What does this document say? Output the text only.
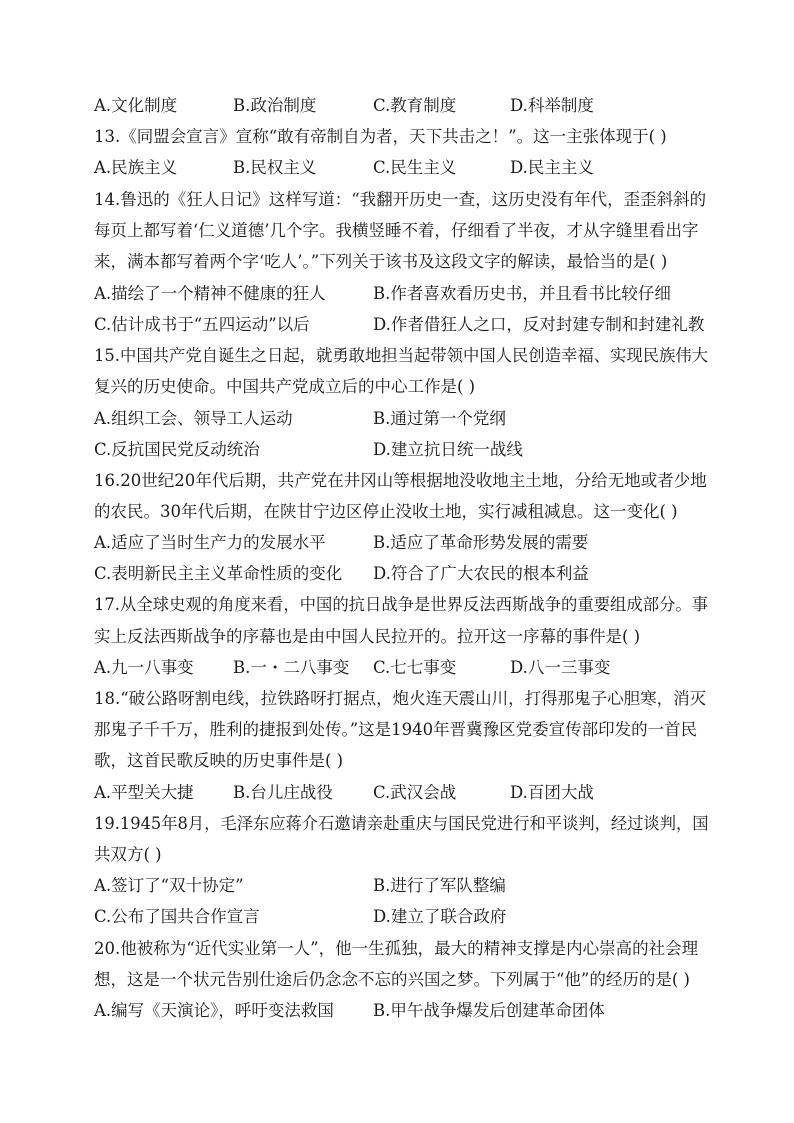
A.文化制度	B.政治制度	C.教育制度	D.科举制度
13.《同盟会宣言》宣称“敢有帝制自为者，天下共击之！”。这一主张体现于( )
A.民族主义	B.民权主义	C.民生主义	D.民主主义
14.鲁迅的《狂人日记》这样写道：“我翻开历史一查，这历史没有年代，歪歪斜斜的
每页上都写着‘仁义道德’几个字。我横竖睡不着，仔细看了半夜，才从字缝里看出字
来，满本都写着两个字‘吃人’。”下列关于该书及这段文字的解读，最恰当的是( )
A.描绘了一个精神不健康的狂人	B.作者喜欢看历史书，并且看书比较仔细
C.估计成书于“五四运动”以后	D.作者借狂人之口，反对封建专制和封建礼教
15.中国共产党自诞生之日起，就勇敢地担当起带领中国人民创造幸福、实现民族伟大
复兴的历史使命。中国共产党成立后的中心工作是( )
A.组织工会、领导工人运动	B.通过第一个党纲
C.反抗国民党反动统治	D.建立抗日统一战线
16.20世纪20年代后期，共产党在井冈山等根据地没收地主土地，分给无地或者少地
的农民。30年代后期，在陕甘宁边区停止没收土地，实行减租减息。这一变化( )
A.适应了当时生产力的发展水平	B.适应了革命形势发展的需要
C.表明新民主主义革命性质的变化 D.符合了广大农民的根本利益
17.从全球史观的角度来看，中国的抗日战争是世界反法西斯战争的重要组成部分。事
实上反法西斯战争的序幕也是由中国人民拉开的。拉开这一序幕的事件是( )
A.九一八事变 B.一・二八事变 C.七七事变	D.八一三事变
18.“破公路呀割电线，拉铁路呀打据点，炮火连天震山川，打得那鬼子心胆寒，消灭
那鬼子千千万，胜利的捷报到处传。”这是1940年晋冀豫区党委宣传部印发的一首民
歌，这首民歌反映的历史事件是( )
A.平型关大捷 B.台儿庄战役 C.武汉会战	D.百团大战
19.1945年8月，毛泽东应蒋介石邀请亲赴重庆与国民党进行和平谈判，经过谈判，国
共双方( )
A.签订了“双十协定”	B.进行了军队整编
C.公布了国共合作宣言	D.建立了联合政府
20.他被称为“近代实业第一人”，他一生孤独，最大的精神支撑是内心崇高的社会理
想，这是一个状元告别仕途后仍念念不忘的兴国之梦。下列属于“他”的经历的是( )
A.编写《天演论》，呼吁变法救国 B.甲午战争爆发后创建革命团体
